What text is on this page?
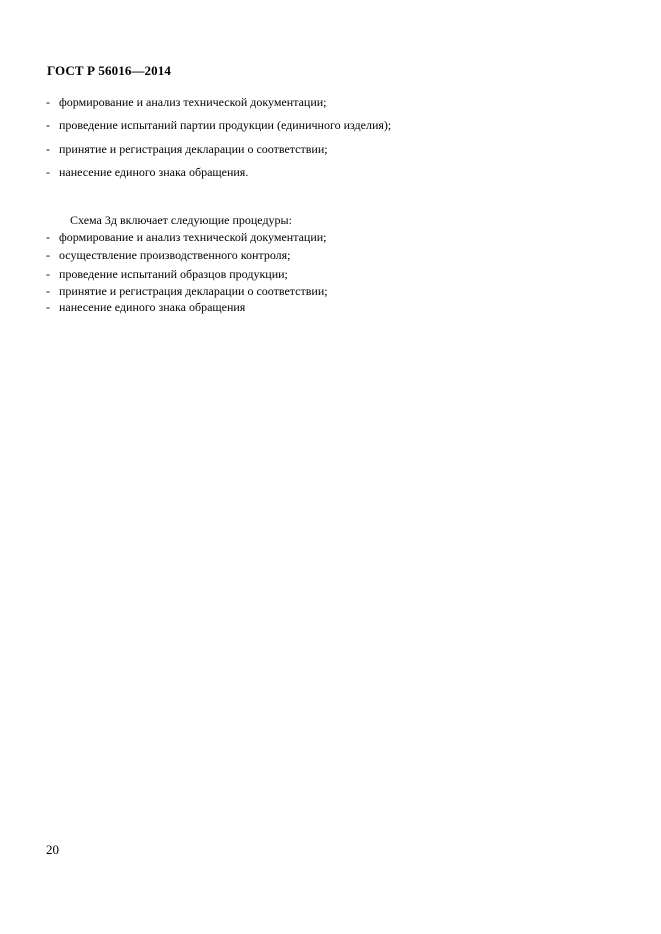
ГОСТ Р 56016—2014
- формирование и анализ технической документации;
- проведение испытаний партии продукции (единичного изделия);
- принятие и регистрация декларации о соответствии;
- нанесение единого знака обращения.
Схема 3д включает следующие процедуры:
- формирование и анализ технической документации;
- осуществление производственного контроля;
- проведение испытаний образцов продукции;
- принятие и регистрация декларации о соответствии;
- нанесение единого знака обращения
20
